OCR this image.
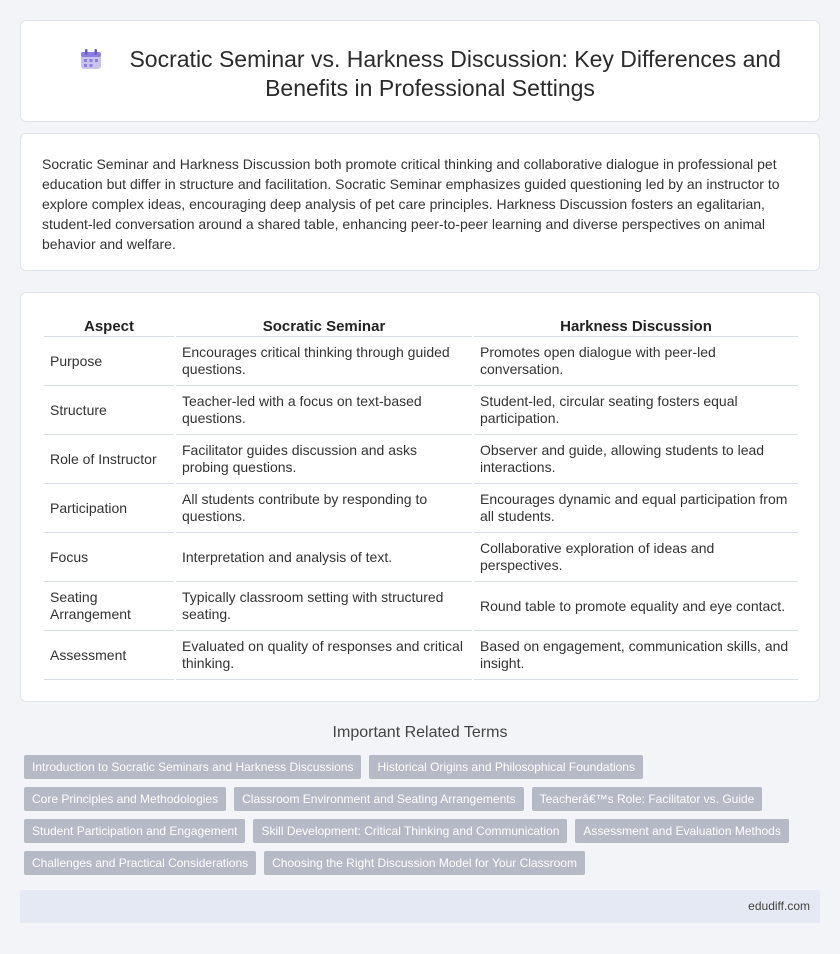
Socratic Seminar vs. Harkness Discussion: Key Differences and Benefits in Professional Settings

Socratic Seminar and Harkness Discussion both promote critical thinking and collaborative dialogue in professional pet education but differ in structure and facilitation. Socratic Seminar emphasizes guided questioning led by an instructor to explore complex ideas, encouraging deep analysis of pet care principles. Harkness Discussion fosters an egalitarian, student-led conversation around a shared table, enhancing peer-to-peer learning and diverse perspectives on animal behavior and welfare.

Aspect	Socratic Seminar	Harkness Discussion
Purpose	Encourages critical thinking through guided questions.	Promotes open dialogue with peer-led conversation.
Structure	Teacher-led with a focus on text-based questions.	Student-led, circular seating fosters equal participation.
Role of Instructor	Facilitator guides discussion and asks probing questions.	Observer and guide, allowing students to lead interactions.
Participation	All students contribute by responding to questions.	Encourages dynamic and equal participation from all students.
Focus	Interpretation and analysis of text.	Collaborative exploration of ideas and perspectives.
Seating Arrangement	Typically classroom setting with structured seating.	Round table to promote equality and eye contact.
Assessment	Evaluated on quality of responses and critical thinking.	Based on engagement, communication skills, and insight.
Important Related Terms
Introduction to Socratic Seminars and Harkness Discussions	Historical Origins and Philosophical Foundations
Core Principles and Methodologies	Classroom Environment and Seating Arrangements	Teacherâ€™s Role: Facilitator vs. Guide
Student Participation and Engagement	Skill Development: Critical Thinking and Communication	Assessment and Evaluation Methods
Challenges and Practical Considerations	Choosing the Right Discussion Model for Your Classroom
edudiff.com
